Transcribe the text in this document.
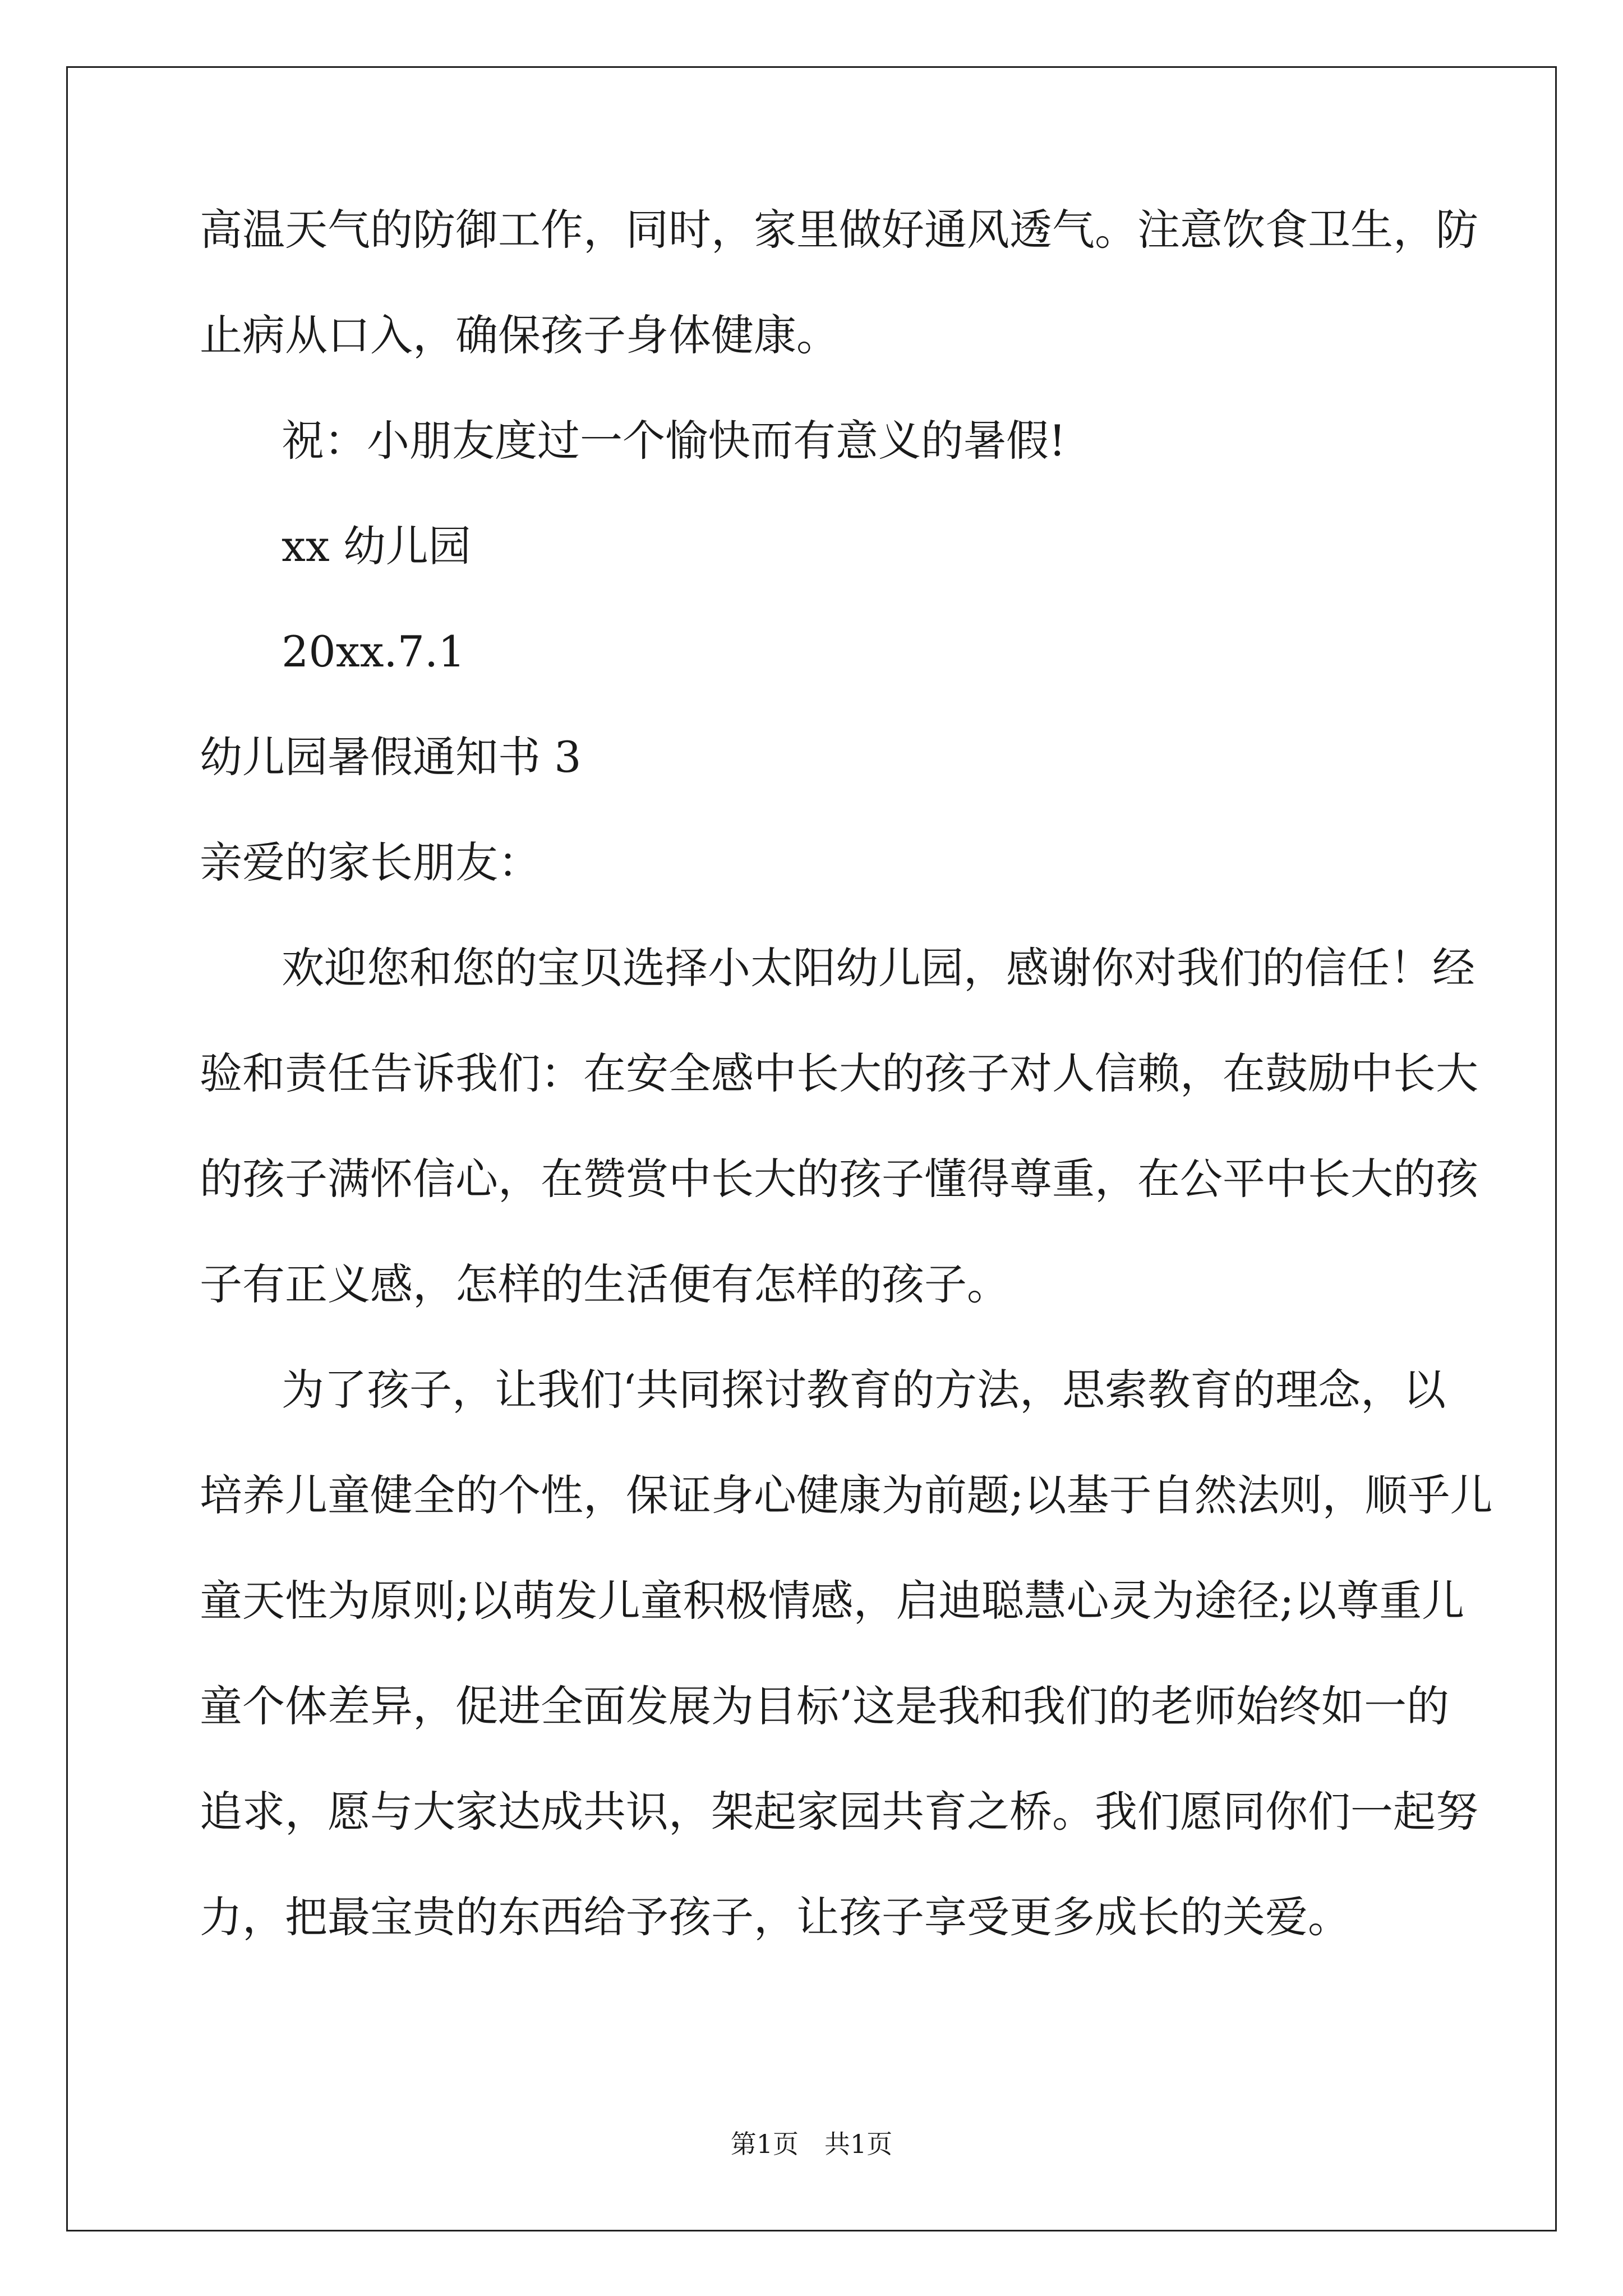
高温天气的防御工作，同时，家里做好通风透气。注意饮食卫生，防
止病从口入，确保孩子身体健康。
祝：小朋友度过一个愉快而有意义的暑假!
xx 幼儿园
20xx.7.1
幼儿园暑假通知书 3
亲爱的家长朋友：
欢迎您和您的宝贝选择小太阳幼儿园，感谢你对我们的信任！经
验和责任告诉我们：在安全感中长大的孩子对人信赖，在鼓励中长大
的孩子满怀信心，在赞赏中长大的孩子懂得尊重，在公平中长大的孩
子有正义感，怎样的生活便有怎样的孩子。
为了孩子，让我们‘共同探讨教育的方法，思索教育的理念，以
培养儿童健全的个性，保证身心健康为前题;以基于自然法则，顺乎儿
童天性为原则;以萌发儿童积极情感，启迪聪慧心灵为途径;以尊重儿
童个体差异，促进全面发展为目标’这是我和我们的老师始终如一的
追求，愿与大家达成共识，架起家园共育之桥。我们愿同你们一起努
力，把最宝贵的东西给予孩子，让孩子享受更多成长的关爱。
第1页　共1页
